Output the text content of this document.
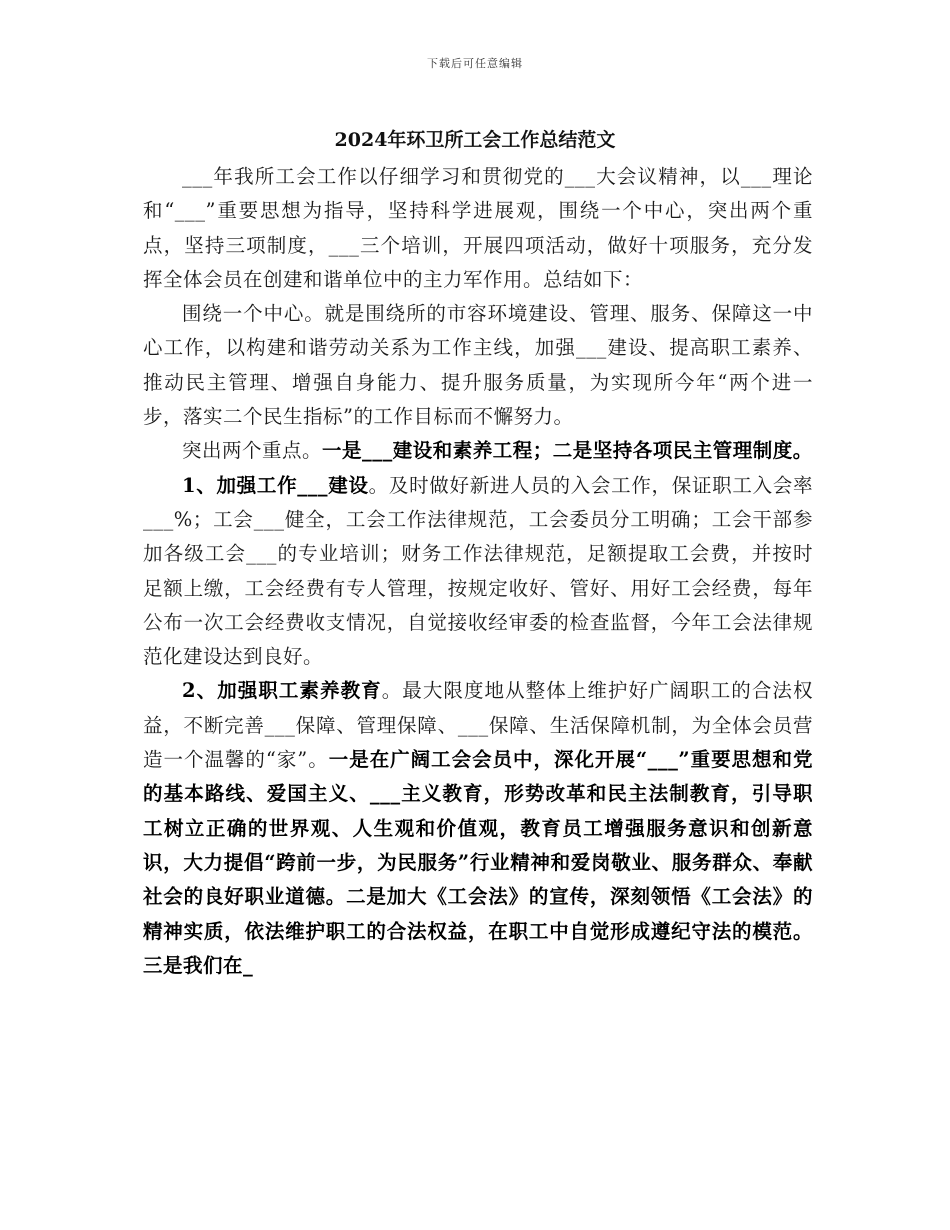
下载后可任意编辑
2024年环卫所工会工作总结范文

___年我所工会工作以仔细学习和贯彻党的___大会议精神，以___理论和“___”重要思想为指导，坚持科学进展观，围绕一个中心，突出两个重点，坚持三项制度，___三个培训，开展四项活动，做好十项服务，充分发挥全体会员在创建和谐单位中的主力军作用。总结如下：

围绕一个中心。就是围绕所的市容环境建设、管理、服务、保障这一中心工作，以构建和谐劳动关系为工作主线，加强___建设、提高职工素养、推动民主管理、增强自身能力、提升服务质量，为实现所今年“两个进一步，落实二个民生指标”的工作目标而不懈努力。

突出两个重点。一是___建设和素养工程；二是坚持各项民主管理制度。

1、加强工作___建设。及时做好新进人员的入会工作，保证职工入会率___%；工会___健全，工会工作法律规范，工会委员分工明确；工会干部参加各级工会___的专业培训；财务工作法律规范，足额提取工会费，并按时足额上缴，工会经费有专人管理，按规定收好、管好、用好工会经费，每年公布一次工会经费收支情况，自觉接收经审委的检查监督，今年工会法律规范化建设达到良好。

2、加强职工素养教育。最大限度地从整体上维护好广阔职工的合法权益，不断完善___保障、管理保障、___保障、生活保障机制，为全体会员营造一个温馨的“家”。一是在广阔工会会员中，深化开展“___”重要思想和党的基本路线、爱国主义、___主义教育，形势改革和民主法制教育，引导职工树立正确的世界观、人生观和价值观，教育员工增强服务意识和创新意识，大力提倡“跨前一步，为民服务”行业精神和爱岗敬业、服务群众、奉献社会的良好职业道德。二是加大《工会法》的宣传，深刻领悟《工会法》的精神实质，依法维护职工的合法权益，在职工中自觉形成遵纪守法的模范。三是我们在_
